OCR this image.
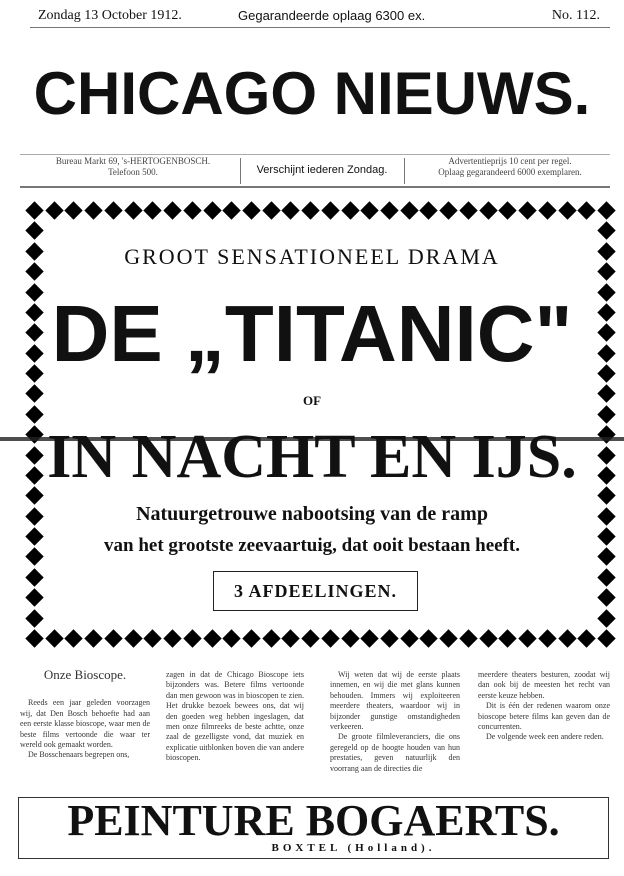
Zondag 13 October 1912.	Gegarandeerde oplaag 6300 ex.	No. 112.
CHICAGO NIEUWS.
Bureau Markt 69, 's-HERTOGENBOSCH.
Telefoon 500.	Verschijnt iederen Zondag.
Advertentieprijs 10 cent per regel.
Oplaag gegarandeerd 6000 exemplaren.
GROOT SENSATIONEEL DRAMA
DE „TITANIC"
OF
IN NACHT EN IJS.
Natuurgetrouwe nabootsing van de ramp
van het grootste zeevaartuig, dat ooit bestaan heeft.
3 AFDEELINGEN.
Onze Bioscope.

Reeds een jaar geleden voorzagen wij, dat Den Bosch behoefte had aan een eerste klasse bioscope, waar men de beste films vertoonde die waar ter wereld ook gemaakt worden.

De Bosschenaars begrepen ons,

zagen in dat de Chicago Bioscope iets bijzonders was. Betere films vertoonde dan men gewoon was in bioscopen te zien. Het drukke bezoek bewees ons, dat wij den goeden weg hebben ingeslagen, dat men onze filmreeks de beste achtte, onze zaal de gezelligste vond, dat muziek en explicatie uitblonken boven die van andere bioscopen.

Wij weten dat wij de eerste plaats innemen, en wij die met glans kunnen behouden. Immers wij exploiteeren meerdere theaters, waardoor wij in bijzonder gunstige omstandigheden verkeeren.

De groote filmleveranciers, die ons geregeld op de hoogte houden van hun prestaties, geven natuurlijk den voorrang aan de directies die

meerdere theaters besturen, zoodat wij dan ook bij de meesten het recht van eerste keuze hebben.

Dit is één der redenen waarom onze bioscope betere films kan geven dan de concurrenten.

De volgende week een andere reden.

PEINTURE BOGAERTS.
BOXTEL (Holland).
